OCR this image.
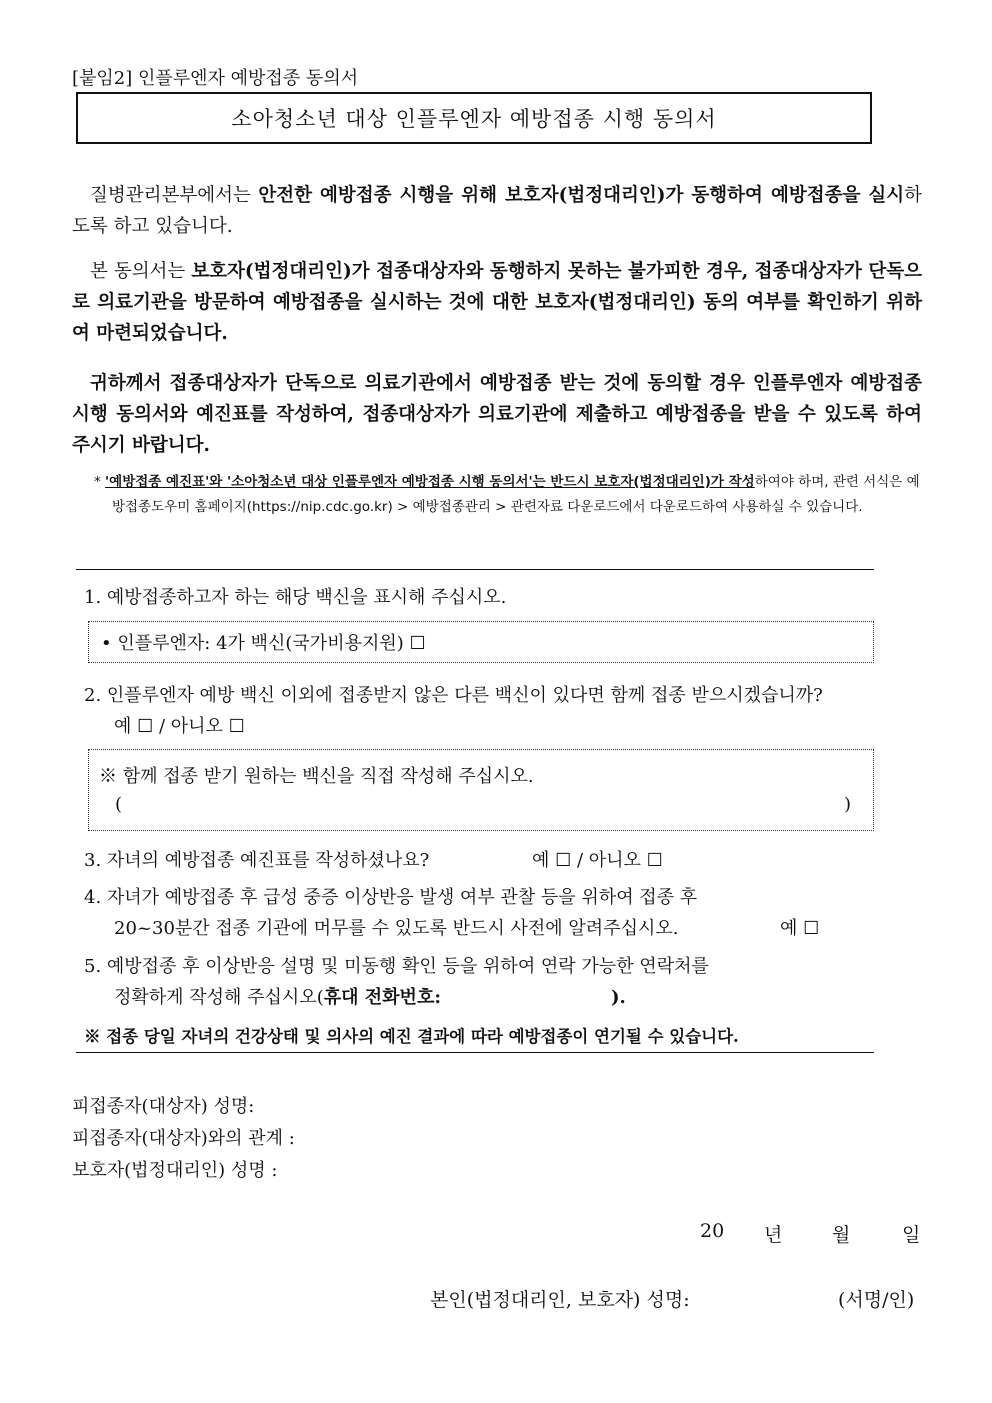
[붙임2] 인플루엔자 예방접종 동의서
소아청소년 대상 인플루엔자 예방접종 시행 동의서
질병관리본부에서는 안전한 예방접종 시행을 위해 보호자(법정대리인)가 동행하여 예방접종을 실시하도록 하고 있습니다.
본 동의서는 보호자(법정대리인)가 접종대상자와 동행하지 못하는 불가피한 경우, 접종대상자가 단독으로 의료기관을 방문하여 예방접종을 실시하는 것에 대한 보호자(법정대리인) 동의 여부를 확인하기 위하여 마련되었습니다.
귀하께서 접종대상자가 단독으로 의료기관에서 예방접종 받는 것에 동의할 경우 인플루엔자 예방접종 시행 동의서와 예진표를 작성하여, 접종대상자가 의료기관에 제출하고 예방접종을 받을 수 있도록 하여 주시기 바랍니다.
* '예방접종 예진표'와 '소아청소년 대상 인플루엔자 예방접종 시행 동의서'는 반드시 보호자(법정대리인)가 작성하여야 하며, 관련 서식은 예방접종도우미 홈페이지(https://nip.cdc.go.kr) > 예방접종관리 > 관련자료 다운로드에서 다운로드하여 사용하실 수 있습니다.
1. 예방접종하고자 하는 해당 백신을 표시해 주십시오.
• 인플루엔자: 4가 백신(국가비용지원) ☐
2. 인플루엔자 예방 백신 이외에 접종받지 않은 다른 백신이 있다면 함께 접종 받으시겠습니까?
예 ☐ / 아니오 ☐
※ 함께 접종 받기 원하는 백신을 직접 작성해 주십시오.
(	)
3. 자녀의 예방접종 예진표를 작성하셨나요?	예 ☐ / 아니오 ☐
4. 자녀가 예방접종 후 급성 중증 이상반응 발생 여부 관찰 등을 위하여 접종 후
20~30분간 접종 기관에 머무를 수 있도록 반드시 사전에 알려주십시오.	예 ☐
5. 예방접종 후 이상반응 설명 및 미동행 확인 등을 위하여 연락 가능한 연락처를
정확하게 작성해 주십시오(휴대 전화번호:	).
※ 접종 당일 자녀의 건강상태 및 의사의 예진 결과에 따라 예방접종이 연기될 수 있습니다.
피접종자(대상자) 성명:
피접종자(대상자)와의 관계 :
보호자(법정대리인) 성명 :
20 년	월	일
본인(법정대리인, 보호자) 성명:	(서명/인)
